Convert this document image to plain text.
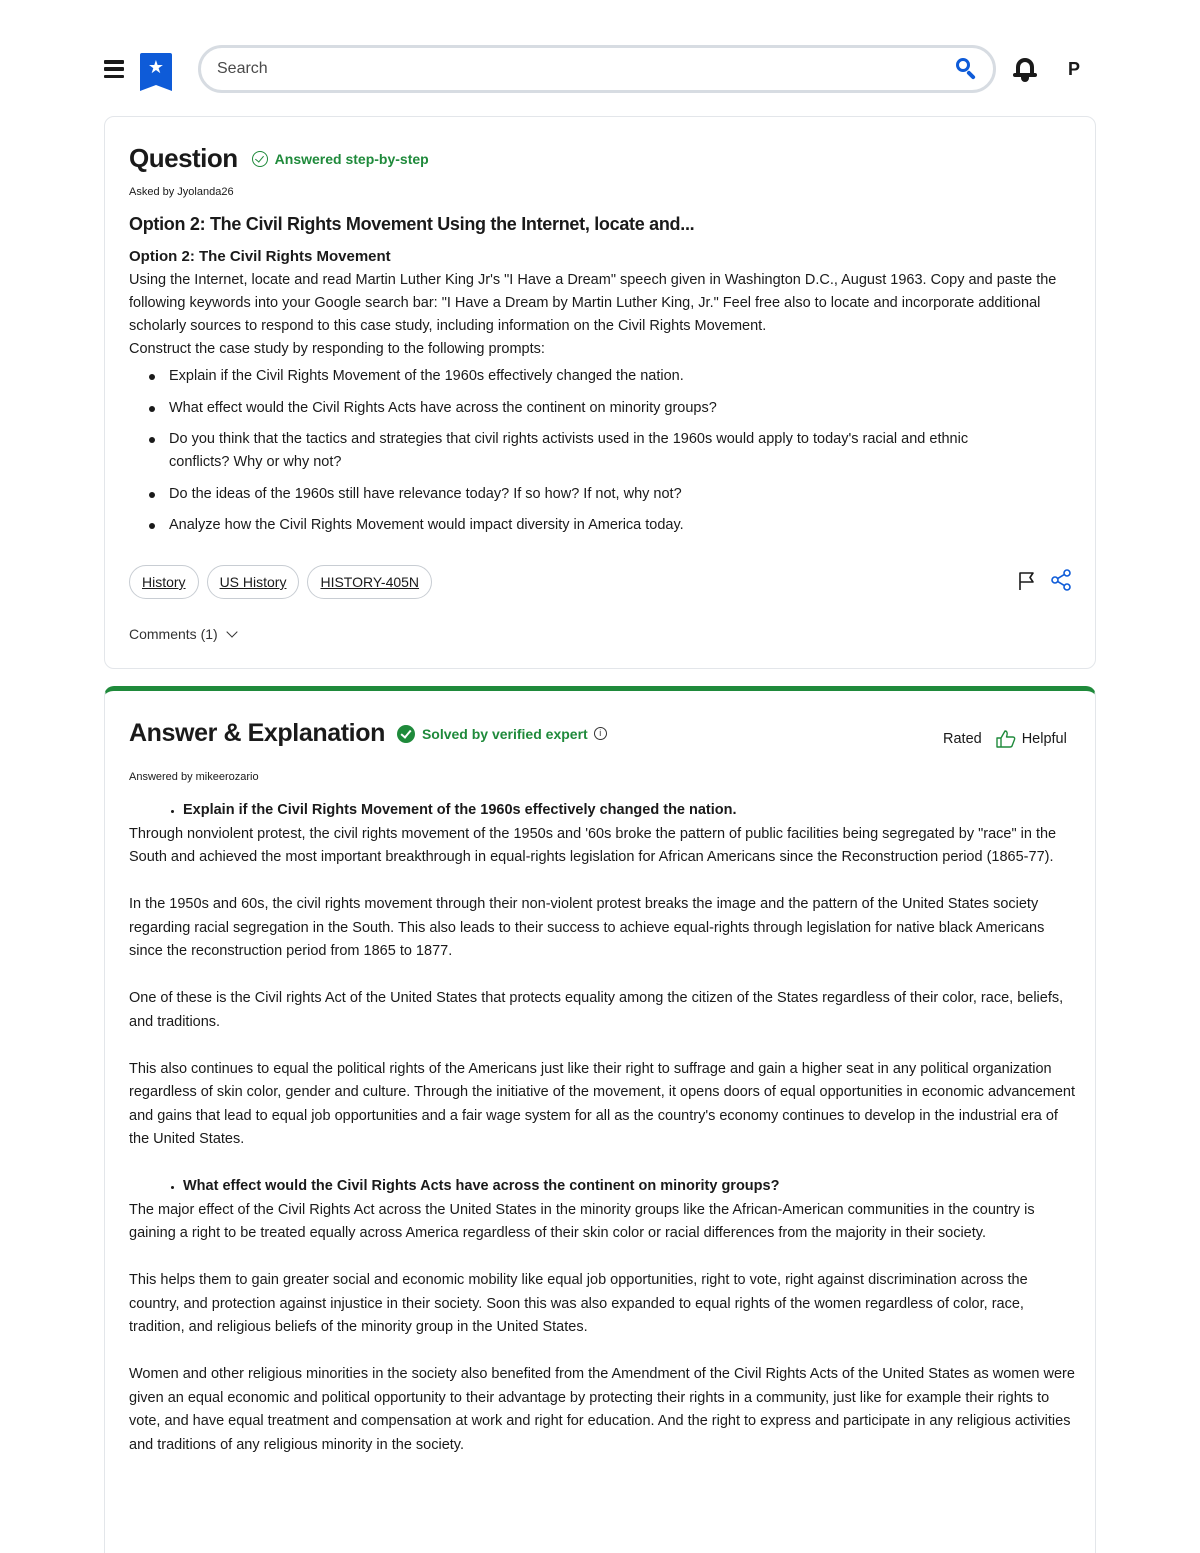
★
Search	P
Question	Answered step-by-step
Asked by Jyolanda26
Option 2: The Civil Rights Movement Using the Internet, locate and...
Option 2: The Civil Rights Movement
Using the Internet, locate and read Martin Luther King Jr's "I Have a Dream" speech given in Washington D.C., August 1963. Copy and paste the following keywords into your Google search bar: "I Have a Dream by Martin Luther King, Jr." Feel free also to locate and incorporate additional scholarly sources to respond to this case study, including information on the Civil Rights Movement.
Construct the case study by responding to the following prompts:
Explain if the Civil Rights Movement of the 1960s effectively changed the nation.
What effect would the Civil Rights Acts have across the continent on minority groups?
Do you think that the tactics and strategies that civil rights activists used in the 1960s would apply to today's racial and ethnic conflicts? Why or why not?
Do the ideas of the 1960s still have relevance today? If so how? If not, why not?
Analyze how the Civil Rights Movement would impact diversity in America today.
History	US History	HISTORY-405N
Comments (1)
Answer & Explanation	Solved by verified expert	i	Rated	Helpful
Answered by mikeerozario
Explain if the Civil Rights Movement of the 1960s effectively changed the nation.

Through nonviolent protest, the civil rights movement of the 1950s and '60s broke the pattern of public facilities being segregated by "race" in the South and achieved the most important breakthrough in equal-rights legislation for African Americans since the Reconstruction period (1865-77).

In the 1950s and 60s, the civil rights movement through their non-violent protest breaks the image and the pattern of the United States society regarding racial segregation in the South. This also leads to their success to achieve equal-rights through legislation for native black Americans since the reconstruction period from 1865 to 1877.

One of these is the Civil rights Act of the United States that protects equality among the citizen of the States regardless of their color, race, beliefs, and traditions.

This also continues to equal the political rights of the Americans just like their right to suffrage and gain a higher seat in any political organization regardless of skin color, gender and culture. Through the initiative of the movement, it opens doors of equal opportunities in economic advancement and gains that lead to equal job opportunities and a fair wage system for all as the country's economy continues to develop in the industrial era of the United States.

What effect would the Civil Rights Acts have across the continent on minority groups?

The major effect of the Civil Rights Act across the United States in the minority groups like the African-American communities in the country is gaining a right to be treated equally across America regardless of their skin color or racial differences from the majority in their society.

This helps them to gain greater social and economic mobility like equal job opportunities, right to vote, right against discrimination across the country, and protection against injustice in their society. Soon this was also expanded to equal rights of the women regardless of color, race, tradition, and religious beliefs of the minority group in the United States.

Women and other religious minorities in the society also benefited from the Amendment of the Civil Rights Acts of the United States as women were given an equal economic and political opportunity to their advantage by protecting their rights in a community, just like for example their rights to vote, and have equal treatment and compensation at work and right for education. And the right to express and participate in any religious activities and traditions of any religious minority in the society.
